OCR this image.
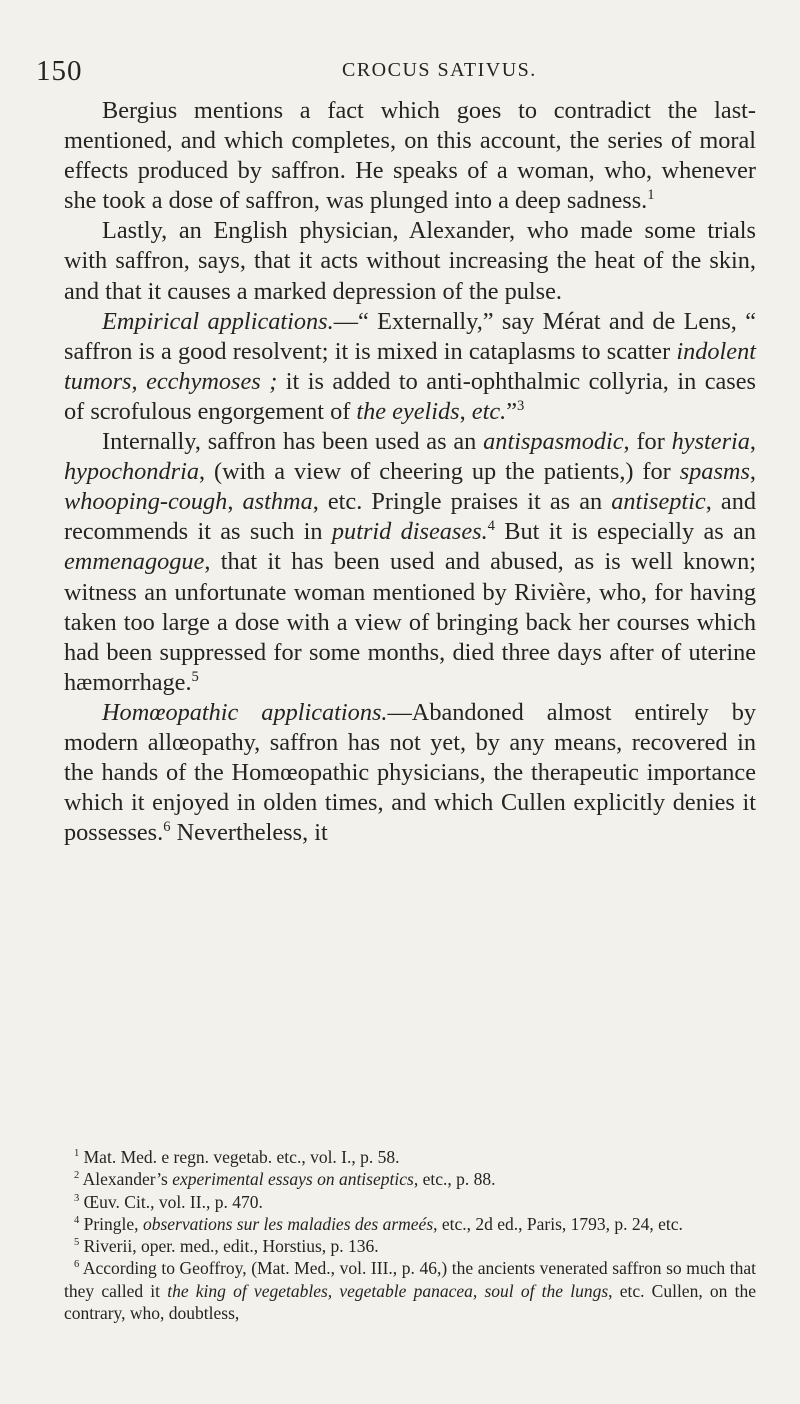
150	CROCUS SATIVUS.

Bergius mentions a fact which goes to contradict the last-mentioned, and which completes, on this account, the series of moral effects produced by saffron. He speaks of a woman, who, whenever she took a dose of saffron, was plunged into a deep sadness.$^1$

Lastly, an English physician, Alexander, who made some trials with saffron, says, that it acts without increasing the heat of the skin, and that it causes a marked depression of the pulse.

Empirical applications.—“ Externally,” say Mérat and de Lens, “ saffron is a good resolvent; it is mixed in cataplasms to scatter indolent tumors, ecchymoses ; it is added to anti-ophthalmic collyria, in cases of scrofulous engorgement of the eyelids, etc.”$^3$

Internally, saffron has been used as an antispasmodic, for hysteria, hypochondria, (with a view of cheering up the patients,) for spasms, whooping-cough, asthma, etc. Pringle praises it as an antiseptic, and recommends it as such in putrid diseases.$^4$ But it is especially as an emmenagogue, that it has been used and abused, as is well known; witness an unfortunate woman mentioned by Rivière, who, for having taken too large a dose with a view of bringing back her courses which had been suppressed for some months, died three days after of uterine hæmorrhage.$^5$

Homœopathic applications.—Abandoned almost entirely by modern allœopathy, saffron has not yet, by any means, recovered in the hands of the Homœopathic physicians, the therapeutic importance which it enjoyed in olden times, and which Cullen explicitly denies it possesses.$^6$ Nevertheless, it

$^1$ Mat. Med. e regn. vegetab. etc., vol. I., p. 58.

$^2$ Alexander’s experimental essays on antiseptics, etc., p. 88.

$^3$ Œuv. Cit., vol. II., p. 470.

$^4$ Pringle, observations sur les maladies des armeés, etc., 2d ed., Paris, 1793, p. 24, etc.

$^5$ Riverii, oper. med., edit., Horstius, p. 136.

$^6$ According to Geoffroy, (Mat. Med., vol. III., p. 46,) the ancients venerated saffron so much that they called it the king of vegetables, vegetable panacea, soul of the lungs, etc. Cullen, on the contrary, who, doubtless,
